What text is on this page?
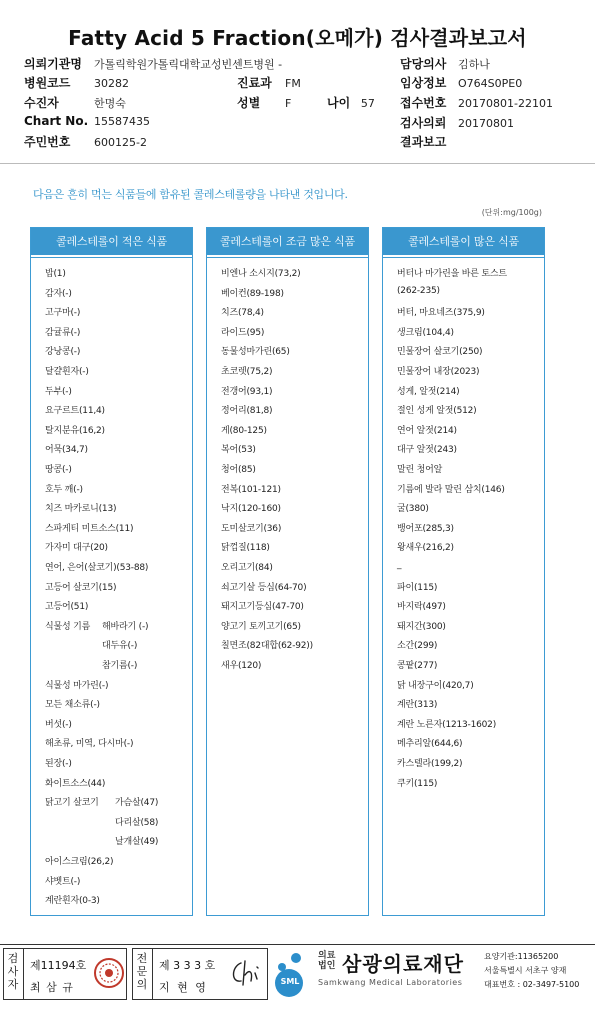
Fatty Acid 5 Fraction(오메가) 검사결과보고서
의뢰기관명 가톨릭학원가톨릭대학교성빈센트병원 -
병원코드 30282
수진자	한명숙
Chart No. 15587435
주민번호 600125-2
진료과 FM
성별 F
담당의사 김하나
임상정보 O764S0PE0
접수번호 20170801-22101
검사의뢰 20170801
결과보고
나이 57
다음은 흔히 먹는 식품들에 함유된 콜레스테롤량을 나타낸 것입니다.
(단위:mg/100g)
콜레스테롤이 적은 식품
밥(1)
감자(-)
고구마(-)
감귤류(-)
강낭콩(-)
달걀흰자(-)
두부(-)
요구르트(11,4)
탈지분유(16,2)
어묵(34,7)
땅콩(-)
호두 깨(-)
치즈 마카로니(13)
스파게티 미트소스(11)
가자미 대구(20)
연어, 은어(살코기)(53-88)
고등어 살코기(15)
고등어(51)
식물성 기름 해바라기 (-)
대두유(-)
참기름(-)
식물성 마가린(-)
모든 채소류(-)
버섯(-)
해초류, 미역, 다시마(-)
된장(-)
화이트소스(44)
닭고기 살코기 가슴살(47)
다리살(58)
날개살(49)
아이스크림(26,2)
샤벳트(-)
계란흰자(0-3)
콜레스테롤이 조금 많은 식품
비엔나 소시지(73,2)
베이컨(89-198)
치즈(78,4)
라이드(95)
동물성마가린(65)
초코렛(75,2)
전갱어(93,1)
정어리(81,8)
게(80-125)
복어(53)
청어(85)
전복(101-121)
낙지(120-160)
도미살코기(36)
닭껍질(118)
오리고기(84)
쇠고기살 등심(64-70)
돼지고기등심(47-70)
양고기 토끼고기(65)
칠면조(82대합(62-92))
새우(120)
콜레스테롤이 많은 식품
버터나 마가린을 바른 토스트
(262-235)
버터, 마요네즈(375,9)
생크림(104,4)
민물장어 살코기(250)
민물장어 내장(2023)
성게, 알젓(214)
절인 성게 알젓(512)
연어 알젓(214)
대구 알젓(243)
말린 청어알
기름에 발라 말린 삼치(146)
굴(380)
뱅어포(285,3)
왕새우(216,2)
_
파이(115)
바지락(497)
돼지간(300)
소간(299)
콩팥(277)
닭 내장구이(420,7)
계란(313)
계란 노른자(1213-1602)
메추리알(644,6)
카스텔라(199,2)
쿠키(115)
검사자
제11194호
최 삼 규
전문의
제 3 3 3 호
지 현 영	SML
의료
법인 삼광의료재단
Samkwang Medical Laboratories
요양기관:11365200
서울특별시 서초구 양재
대표번호 : 02-3497-5100
